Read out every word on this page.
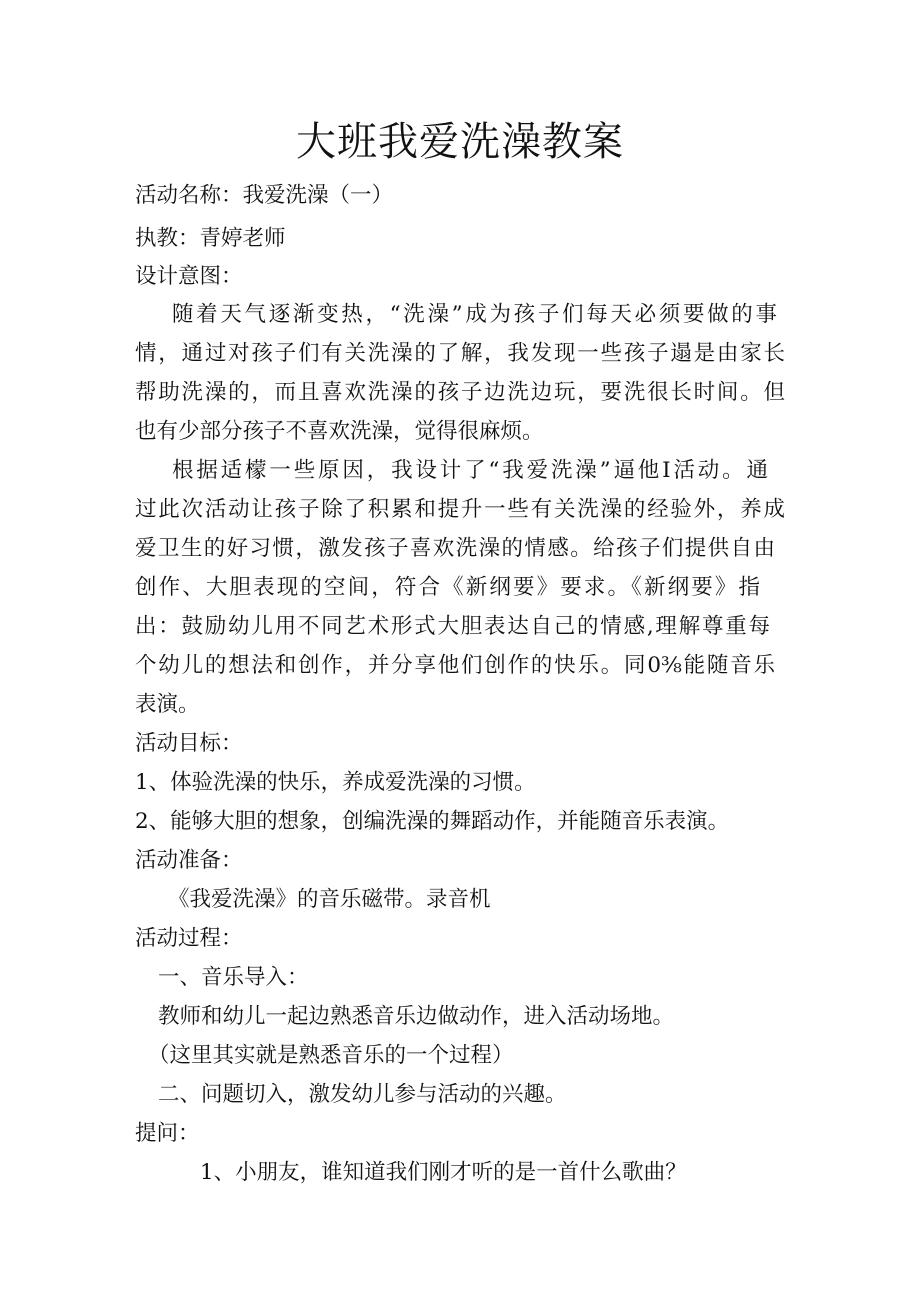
大班我爱洗澡教案
活动名称：我爱洗澡（一）
执教：青婷老师
设计意图：
随着天气逐渐变热，“洗澡”成为孩子们每天必须要做的事
情，通过对孩子们有关洗澡的了解，我发现一些孩子遢是由家长
帮助洗澡的，而且喜欢洗澡的孩子边洗边玩，要洗很长时间。但
也有少部分孩子不喜欢洗澡，觉得很麻烦。
根据适檬一些原因，我设计了“我爱洗澡”逼他I活动。通
过此次活动让孩子除了积累和提升一些有关洗澡的经验外，养成
爱卫生的好习惯，激发孩子喜欢洗澡的情感。给孩子们提供自由
创作、大胆表现的空间，符合《新纲要》要求。《新纲要》指
出：鼓励幼儿用不同艺术形式大胆表达自己的情感,理解尊重每
个幼儿的想法和创作，并分享他们创作的快乐。同0⅜能随音乐
表演。
活动目标：
1、体验洗澡的快乐，养成爱洗澡的习惯。
2、能够大胆的想象，创编洗澡的舞蹈动作，并能随音乐表演。
活动准备：
《我爱洗澡》的音乐磁带。录音机
活动过程：
一、音乐导入：
教师和幼儿一起边熟悉音乐边做动作，进入活动场地。
（这里其实就是熟悉音乐的一个过程）
二、问题切入，激发幼儿参与活动的兴趣。
提问：
1、小朋友，谁知道我们刚才听的是一首什么歌曲？
